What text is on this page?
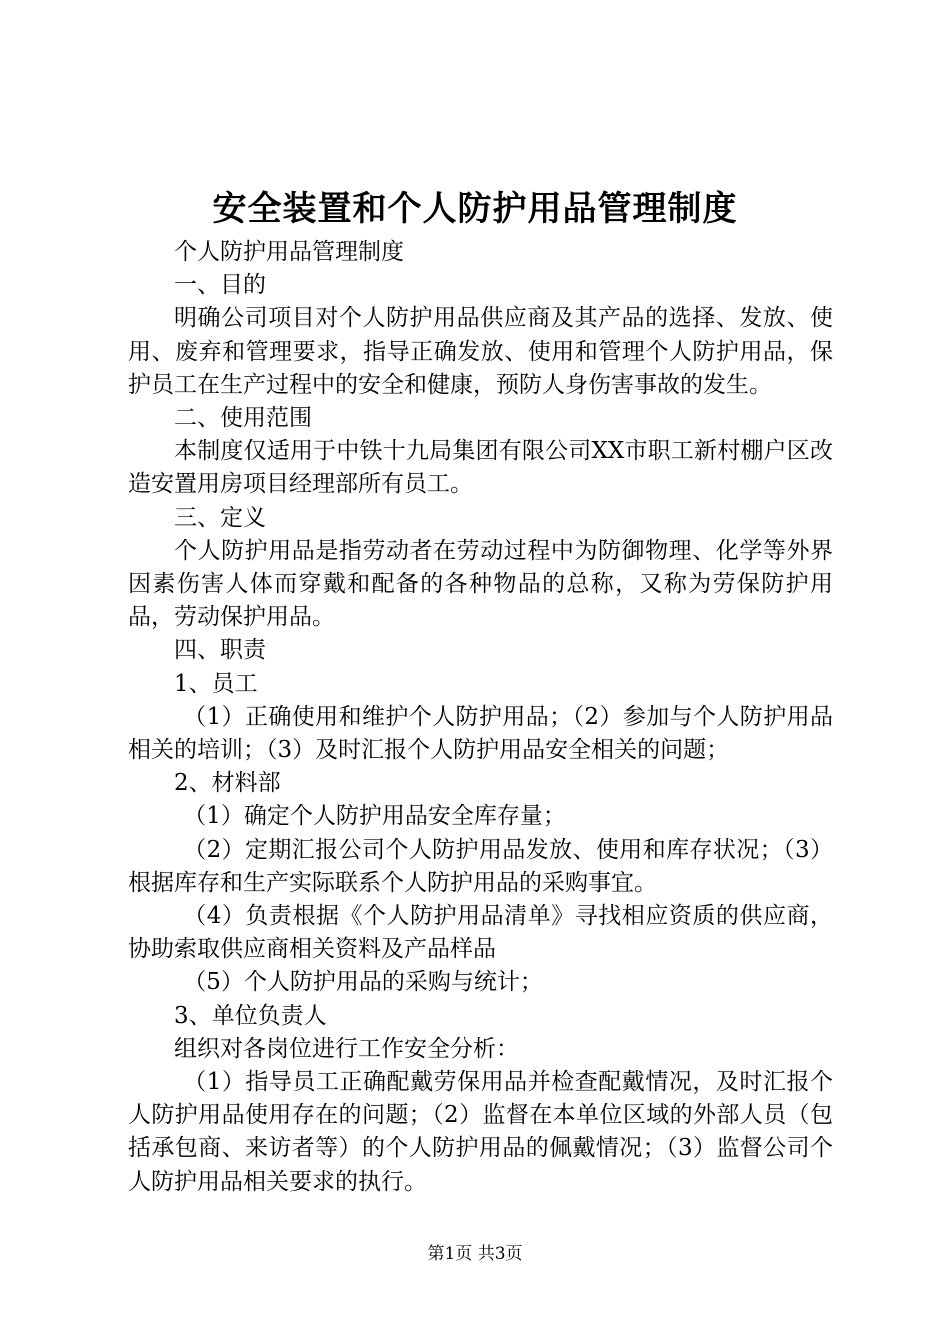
安全装置和个人防护用品管理制度

个人防护用品管理制度

一、目的

明确公司项目对个人防护用品供应商及其产品的选择、发放、使用、废弃和管理要求，指导正确发放、使用和管理个人防护用品，保护员工在生产过程中的安全和健康，预防人身伤害事故的发生。

二、使用范围

本制度仅适用于中铁十九局集团有限公司XX市职工新村棚户区改造安置用房项目经理部所有员工。

三、定义

个人防护用品是指劳动者在劳动过程中为防御物理、化学等外界因素伤害人体而穿戴和配备的各种物品的总称，又称为劳保防护用品，劳动保护用品。

四、职责

1、员工

（1）正确使用和维护个人防护用品；（2）参加与个人防护用品相关的培训；（3）及时汇报个人防护用品安全相关的问题；

2、材料部

（1）确定个人防护用品安全库存量；

（2）定期汇报公司个人防护用品发放、使用和库存状况；（3）根据库存和生产实际联系个人防护用品的采购事宜。

（4）负责根据《个人防护用品清单》寻找相应资质的供应商，协助索取供应商相关资料及产品样品

（5）个人防护用品的采购与统计；

3、单位负责人

组织对各岗位进行工作安全分析：

（1）指导员工正确配戴劳保用品并检查配戴情况，及时汇报个人防护用品使用存在的问题；（2）监督在本单位区域的外部人员（包括承包商、来访者等）的个人防护用品的佩戴情况；（3）监督公司个人防护用品相关要求的执行。

第1页 共3页
